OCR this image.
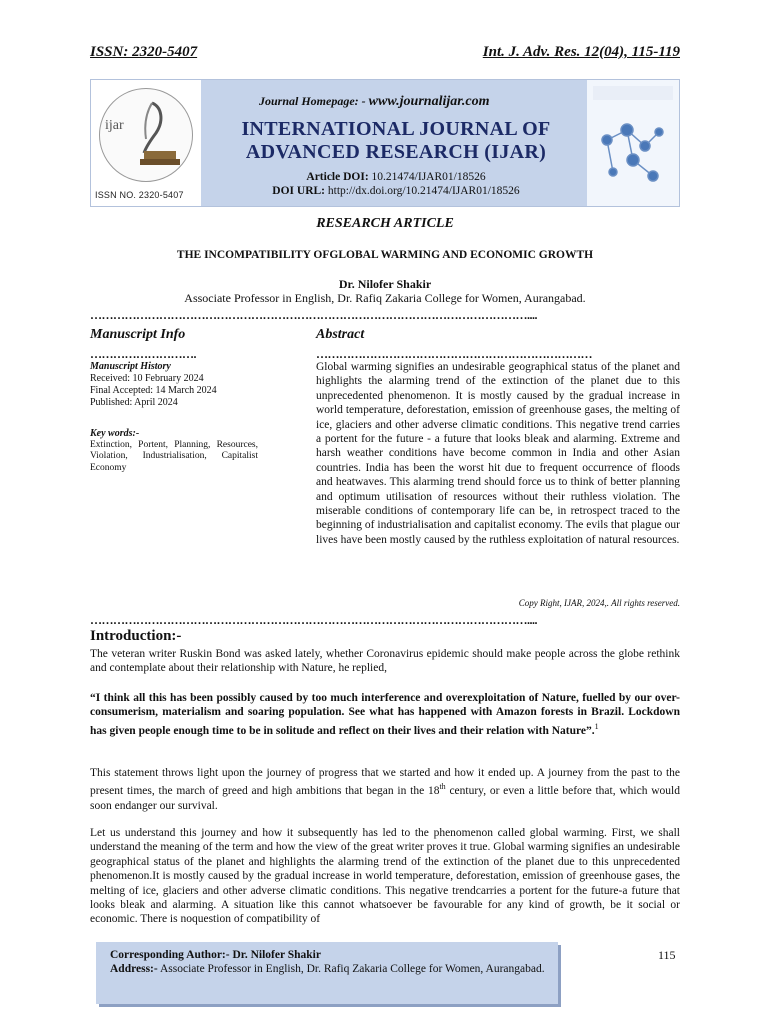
ISSN: 2320-5407	Int. J. Adv. Res. 12(04), 115-119
ijar
ISSN NO. 2320-5407
Journal Homepage: - www.journalijar.com
INTERNATIONAL JOURNAL OF
ADVANCED RESEARCH (IJAR)
Article DOI: 10.21474/IJAR01/18526
DOI URL: http://dx.doi.org/10.21474/IJAR01/18526
RESEARCH ARTICLE
THE INCOMPATIBILITY OFGLOBAL WARMING AND ECONOMIC GROWTH
Dr. Nilofer Shakir
Associate Professor in English, Dr. Rafiq Zakaria College for Women, Aurangabad.
……………………………………………………………………………………………………....
Manuscript Info	Abstract
……………………….	………………………………………………………………
Manuscript History
Received: 10 February 2024
Final Accepted: 14 March 2024
Published: April 2024
Key words:-
Extinction, Portent, Planning, Resources, Violation, Industrialisation, Capitalist Economy
Global warming signifies an undesirable geographical status of the planet and highlights the alarming trend of the extinction of the planet due to this unprecedented phenomenon. It is mostly caused by the gradual increase in world temperature, deforestation, emission of greenhouse gases, the melting of ice, glaciers and other adverse climatic conditions. This negative trend carries a portent for the future - a future that looks bleak and alarming. Extreme and harsh weather conditions have become common in India and other Asian countries. India has been the worst hit due to frequent occurrence of floods and heatwaves. This alarming trend should force us to think of better planning and optimum utilisation of resources without their ruthless violation. The miserable conditions of contemporary life can be, in retrospect traced to the beginning of industrialisation and capitalist economy. The evils that plague our lives have been mostly caused by the ruthless exploitation of natural resources.
Copy Right, IJAR, 2024,. All rights reserved.
……………………………………………………………………………………………………....
Introduction:-
The veteran writer Ruskin Bond was asked lately, whether Coronavirus epidemic should make people across the globe rethink and contemplate about their relationship with Nature, he replied,
“I think all this has been possibly caused by too much interference and overexploitation of Nature, fuelled by our over-consumerism, materialism and soaring population. See what has happened with Amazon forests in Brazil. Lockdown has given people enough time to be in solitude and reflect on their lives and their relation with Nature”.$^1$
This statement throws light upon the journey of progress that we started and how it ended up. A journey from the past to the present times, the march of greed and high ambitions that began in the 18th century, or even a little before that, which would soon endanger our survival.
Let us understand this journey and how it subsequently has led to the phenomenon called global warming. First, we shall understand the meaning of the term and how the view of the great writer proves it true. Global warming signifies an undesirable geographical status of the planet and highlights the alarming trend of the extinction of the planet due to this unprecedented phenomenon.It is mostly caused by the gradual increase in world temperature, deforestation, emission of greenhouse gases, the melting of ice, glaciers and other adverse climatic conditions. This negative trendcarries a portent for the future-a future that looks bleak and alarming. A situation like this cannot whatsoever be favourable for any kind of growth, be it social or economic. There is noquestion of compatibility of
Corresponding Author:- Dr. Nilofer Shakir
Address:- Associate Professor in English, Dr. Rafiq Zakaria College for Women, Aurangabad.
115
